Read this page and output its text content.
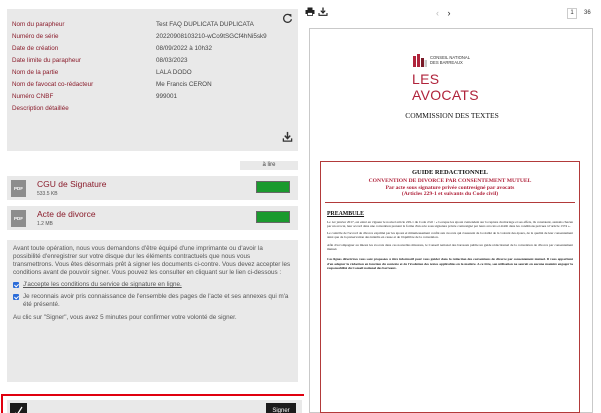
Nom du parapheur	Test FAQ DUPLICATA DUPLICATA
Numéro de série	20220908103210-wCo9tSGCf4hNi5sk9
Date de création	08/09/2022 à 10h32
Date limite du parapheur	08/03/2023
Nom de la partie	LALA DODO
Nom de favocat co-rédacteur	Me Francis CERON
Numéro CNBF	999001
Description détaillée
à lire
PDF	CGU de Signature
533.5 KB
PDF	Acte de divorce
1.2 MB

Avant toute opération, nous vous demandons d'être équipé d'une imprimante ou d'avoir la possibilité d'enregistrer sur votre disque dur les éléments contractuels que nous vous transmettrons. Vous êtes désormais prêt à signer les documents ci-contre. Vous devez accepter les conditions avant de pouvoir signer. Vous pouvez les consulter en cliquant sur le lien ci-dessous :

J'accepte les conditions du service de signature en ligne.
Je reconnais avoir pris connaissance de l'ensemble des pages de l'acte et ses annexes qui m'a été présenté.

Au clic sur "Signer", vous avez 5 minutes pour confirmer votre volonté de signer.

Signer

‹ ›	1	36
CONSEIL NATIONAL
DES BARREAUX
LES AVOCATS
COMMISSION DES TEXTES
GUIDE REDACTIONNEL
CONVENTION DE DIVORCE PAR CONSENTEMENT MUTUEL
Par acte sous signature privée contresigné par avocats
(Articles 229-1 et suivants du Code civil)
PREAMBULE
Le 1er janvier 2017, est entré en vigueur le nouvel article 229-1 du Code civil : « Lorsque les époux s'entendent sur la rupture du mariage et ses effets, ils constatent, assistés chacun par un avocat, leur accord dans une convention prenant la forme d'un acte sous signature privée contresigné par leurs avocats et établi dans les conditions prévues à l'article 1374 ».
Le contrôle de l'accord de divorce exprimé par les époux et minutieusement confié aux avocats qui s'assurent de la réalité de la volonté des époux, de la qualité de leur consentement ainsi que de la préservation des intérêts en cause et de l'équilibre de la convention.
Afin d'accompagner au mieux les avocats dans ces nouvelles missions, le Conseil national des barreaux publie un guide rédactionnel de la convention de divorce par consentement mutuel.
Ces lignes directrices vous sont proposées à titre informatif pour vous guider dans la rédaction des conventions de divorce par consentement mutuel. Il vous appartient d'en adapter la rédaction en fonction du contexte et de l'évolution des textes applicables en la matière. A ce titre, son utilisation ne saurait en aucune manière engager la responsabilité du Conseil national des barreaux.
